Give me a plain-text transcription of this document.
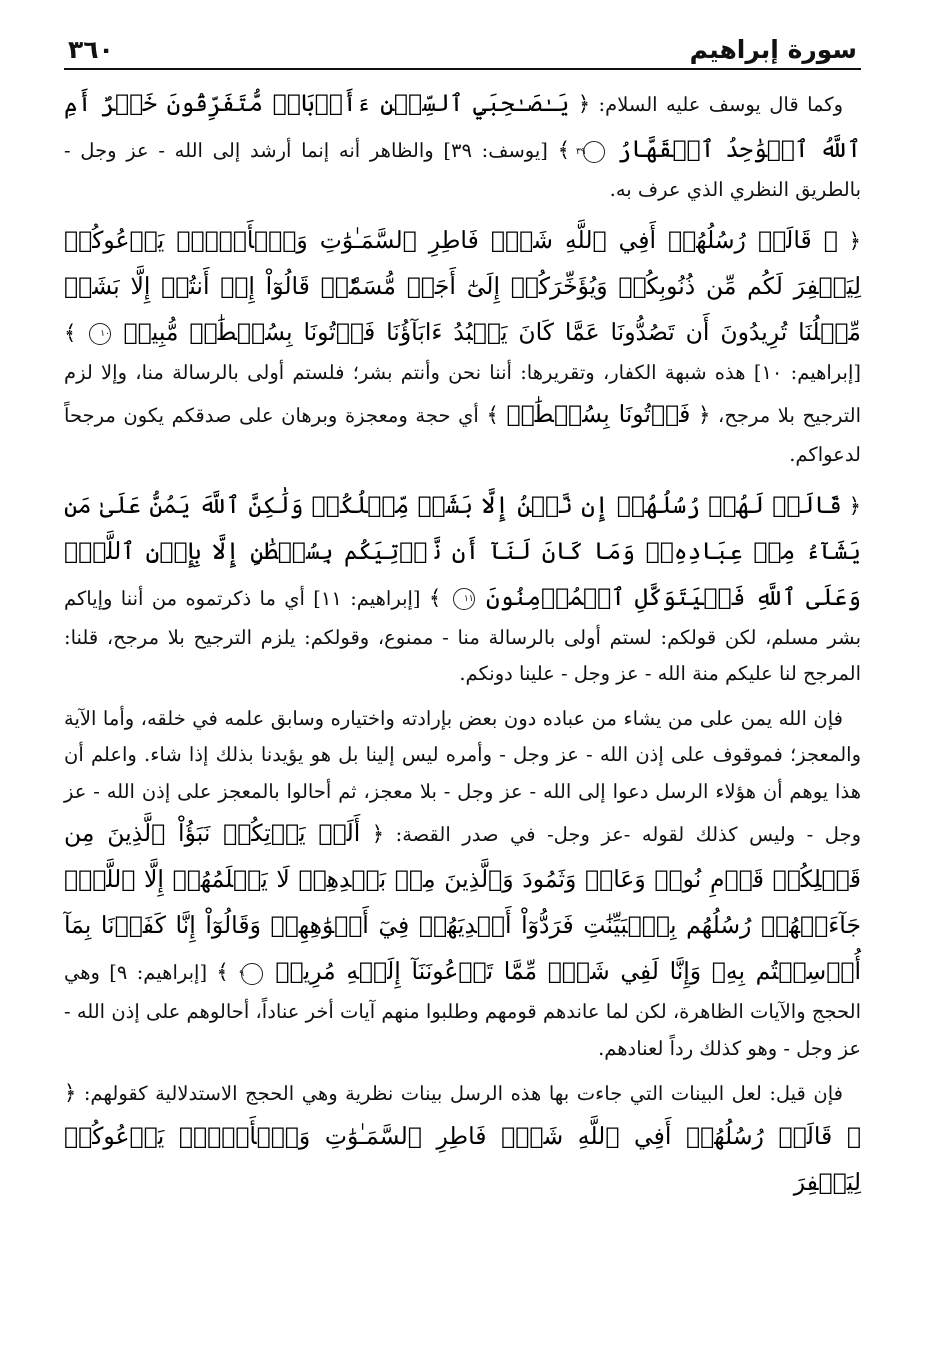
سورة إبراهيم
٣٦٠

وكما قال يوسف عليه السلام: ﴿ يَـٰصَـٰحِبَيِ ٱلسِّجۡنِ ءَأَرۡبَابٞ مُّتَفَرِّقُونَ خَيۡرٌ أَمِ ٱللَّهُ ٱلۡوَٰحِدُ ٱلۡقَهَّارُ ٣٩ ﴾ [يوسف: ٣٩] والظاهر أنه إنما أرشد إلى الله - عز وجل - بالطريق النظري الذي عرف به.

﴿ ۞ قَالَتۡ رُسُلُهُمۡ أَفِي ٱللَّهِ شَكّٞ فَاطِرِ ٱلسَّمَـٰوَٰتِ وَٱلۡأَرۡضِۖ يَدۡعُوكُمۡ لِيَغۡفِرَ لَكُم مِّن ذُنُوبِكُمۡ وَيُؤَخِّرَكُمۡ إِلَىٰٓ أَجَلٖ مُّسَمّٗىۚ قَالُوٓاْ إِنۡ أَنتُمۡ إِلَّا بَشَرٞ مِّثۡلُنَا تُرِيدُونَ أَن تَصُدُّونَا عَمَّا كَانَ يَعۡبُدُ ءَابَآؤُنَا فَأۡتُونَا بِسُلۡطَٰنٖ مُّبِينٖ ١٠ ﴾ [إبراهيم: ١٠] هذه شبهة الكفار، وتقريرها: أننا نحن وأنتم بشر؛ فلستم أولى بالرسالة منا، وإلا لزم الترجيح بلا مرجح، ﴿ فَأۡتُونَا بِسُلۡطَٰنٖ ﴾ أي حجة ومعجزة وبرهان على صدقكم يكون مرجحاً لدعواكم.

﴿ قَالَتۡ لَهُمۡ رُسُلُهُمۡ إِن نَّحۡنُ إِلَّا بَشَرٞ مِّثۡلُكُمۡ وَلَٰكِنَّ ٱللَّهَ يَمُنُّ عَلَىٰ مَن يَشَآءُ مِنۡ عِبَادِهِۦۖ وَمَا كَانَ لَنَآ أَن نَّأۡتِيَكُم بِسُلۡطَٰنٍ إِلَّا بِإِذۡنِ ٱللَّهِۚ وَعَلَى ٱللَّهِ فَلۡيَتَوَكَّلِ ٱلۡمُؤۡمِنُونَ ١١ ﴾ [إبراهيم: ١١] أي ما ذكرتموه من أننا وإياكم بشر مسلم، لكن قولكم: لستم أولى بالرسالة منا - ممنوع، وقولكم: يلزم الترجيح بلا مرجح، قلنا: المرجح لنا عليكم منة الله - عز وجل - علينا دونكم.

فإن الله يمن على من يشاء من عباده دون بعض بإرادته واختياره وسابق علمه في خلقه، وأما الآية والمعجز؛ فموقوف على إذن الله - عز وجل - وأمره ليس إلينا بل هو يؤيدنا بذلك إذا شاء. واعلم أن هذا يوهم أن هؤلاء الرسل دعوا إلى الله - عز وجل - بلا معجز، ثم أحالوا بالمعجز على إذن الله - عز وجل - وليس كذلك لقوله -عز وجل- في صدر القصة: ﴿ أَلَمۡ يَأۡتِكُمۡ نَبَؤُاْ ٱلَّذِينَ مِن قَبۡلِكُمۡ قَوۡمِ نُوحٖ وَعَادٖ وَثَمُودَ وَٱلَّذِينَ مِنۢ بَعۡدِهِمۡ لَا يَعۡلَمُهُمۡ إِلَّا ٱللَّهُۚ جَآءَتۡهُمۡ رُسُلُهُم بِٱلۡبَيِّنَٰتِ فَرَدُّوٓاْ أَيۡدِيَهُمۡ فِيٓ أَفۡوَٰهِهِمۡ وَقَالُوٓاْ إِنَّا كَفَرۡنَا بِمَآ أُرۡسِلۡتُم بِهِۦ وَإِنَّا لَفِي شَكّٖ مِّمَّا تَدۡعُونَنَآ إِلَيۡهِ مُرِيبٖ ٩ ﴾ [إبراهيم: ٩] وهي الحجج والآيات الظاهرة، لكن لما عاندهم قومهم وطلبوا منهم آيات أخر عناداً، أحالوهم على إذن الله - عز وجل - وهو كذلك رداً لعنادهم.

فإن قيل: لعل البينات التي جاءت بها هذه الرسل بينات نظرية وهي الحجج الاستدلالية كقولهم: ﴿ ۞ قَالَتۡ رُسُلُهُمۡ أَفِي ٱللَّهِ شَكّٞ فَاطِرِ ٱلسَّمَـٰوَٰتِ وَٱلۡأَرۡضِۖ يَدۡعُوكُمۡ لِيَغۡفِرَ
